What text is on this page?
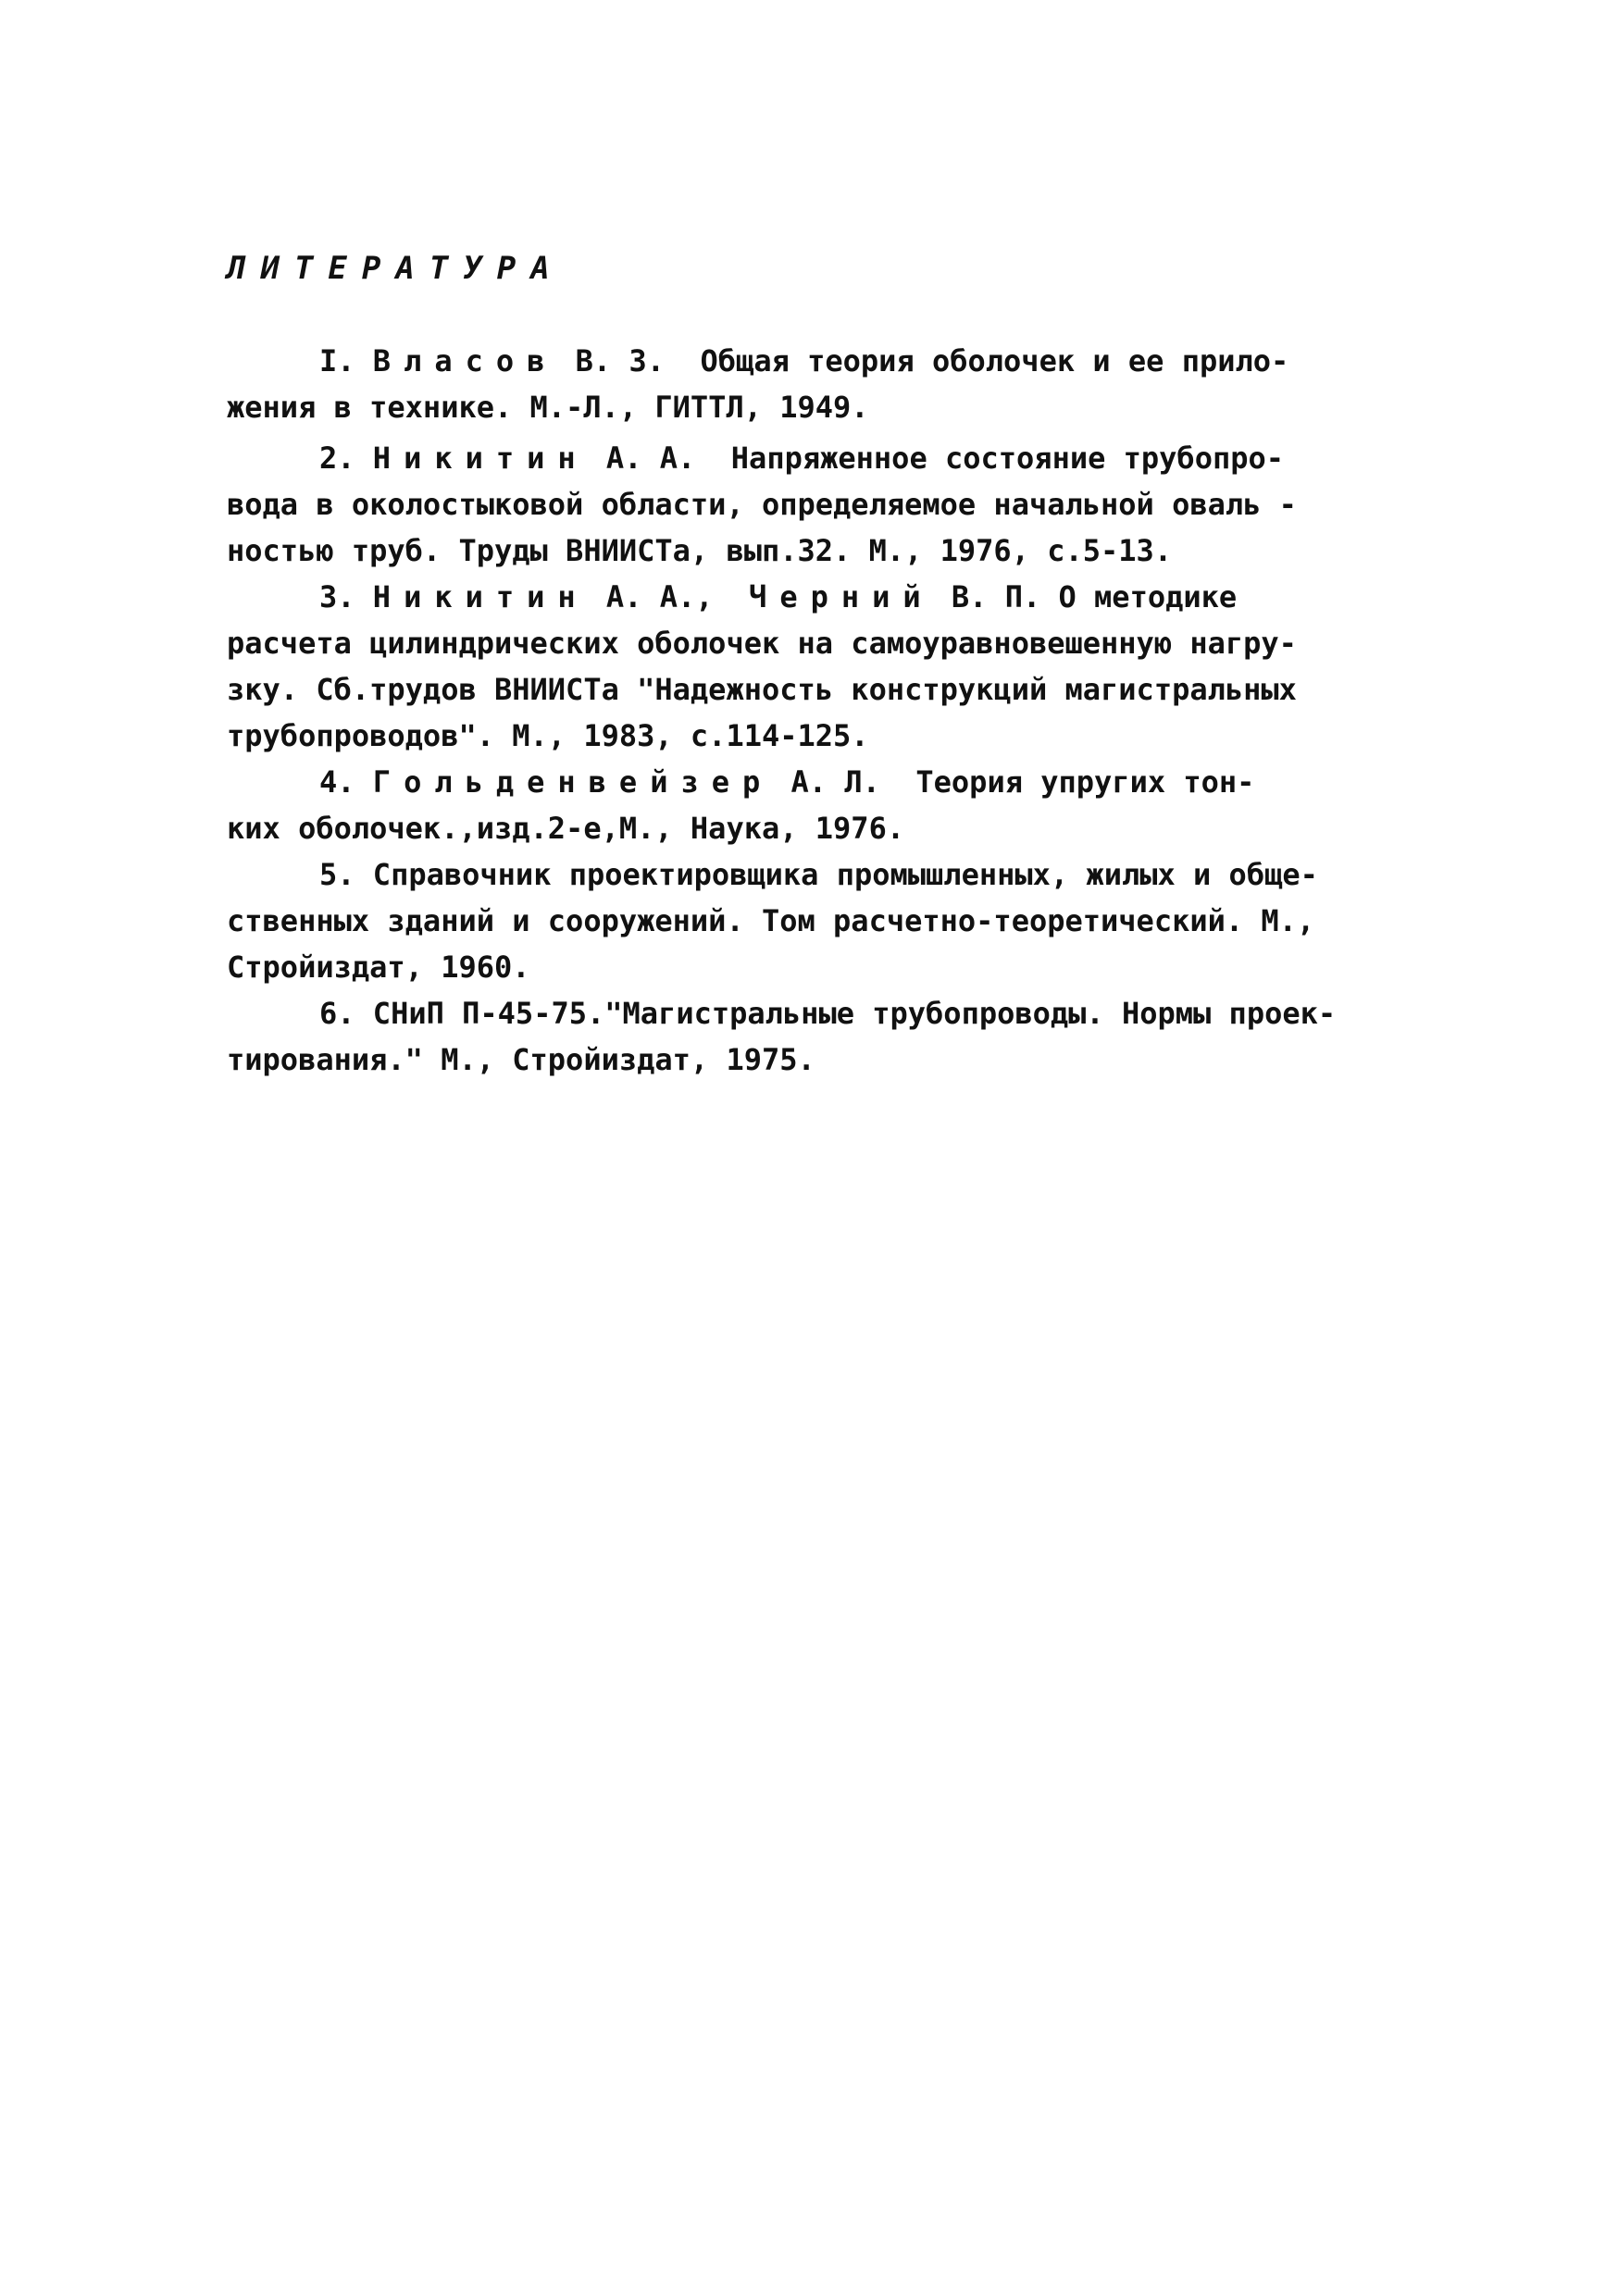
ЛИТЕРАТУРА
I. Власов В. З. Общая теория оболочек и ее прило-
жения в технике. М.-Л., ГИТТЛ, 1949.
2. Никитин А. А. Напряженное состояние трубопро-
вода в околостыковой области, определяемое начальной оваль -
ностью труб. Труды ВНИИСТа, вып.32. М., 1976, с.5-13.
3. Никитин А. А., Черний В. П. О методике
расчета цилиндрических оболочек на самоуравновешенную нагру-
зку. Сб.трудов ВНИИСТа "Надежность конструкций магистральных
трубопроводов". М., 1983, с.114-125.
4. Гольденвейзер А. Л. Теория упругих тон-
ких оболочек.,изд.2-е,М., Наука, 1976.
5. Справочник проектировщика промышленных, жилых и обще-
ственных зданий и сооружений. Том расчетно-теоретический. М.,
Стройиздат, 1960.
6. СНиП П-45-75."Магистральные трубопроводы. Нормы проек-
тирования." М., Стройиздат, 1975.
